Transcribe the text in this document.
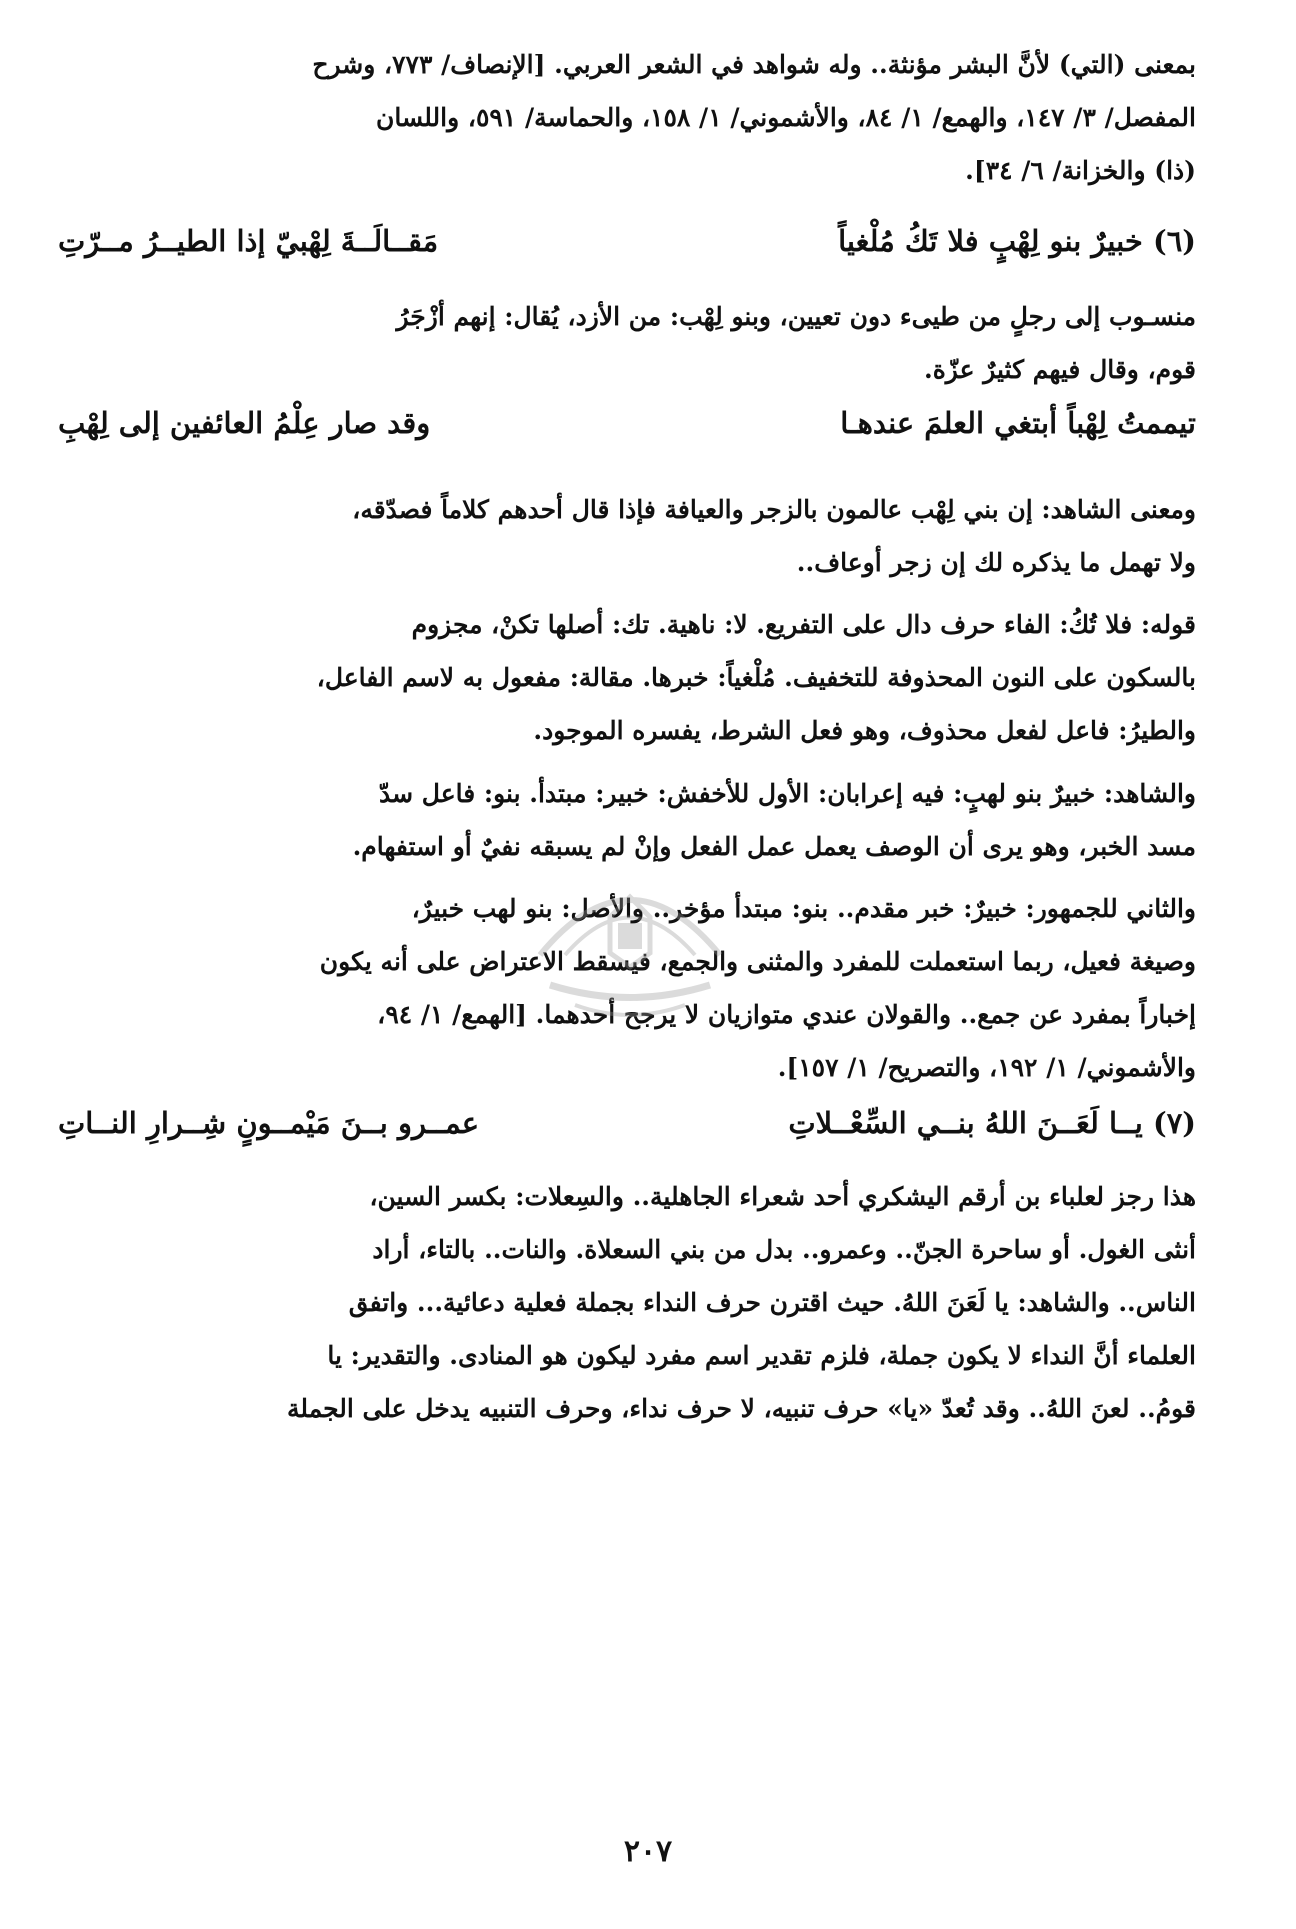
بمعنى (التي) لأنَّ البشر مؤنثة.. وله شواهد في الشعر العربي. [الإنصاف/ ٧٧٣، وشرح
المفصل/ ٣/ ١٤٧، والهمع/ ١/ ٨٤، والأشموني/ ١/ ١٥٨، والحماسة/ ٥٩١، واللسان
(ذا) والخزانة/ ٦/ ٣٤].
(٦) خبيرٌ بنو لِهْبٍ فلا تَكُ مُلْغياً
مَقــالَــةَ لِهْبيّ إذا الطيــرُ مــرّتِ
منسـوب إلى رجلٍ من طيىء دون تعيين، وبنو لِهْب: من الأزد، يُقال: إنهم أزْجَرُ
قوم، وقال فيهم كثيرٌ عزّة.
تيممتُ لِهْباً أبتغي العلمَ عندهـا
وقد صار عِلْمُ العائفين إلى لِهْبِ
ومعنى الشاهد: إن بني لِهْب عالمون بالزجر والعيافة فإذا قال أحدهم كلاماً فصدّقه،
ولا تهمل ما يذكره لك إن زجر أوعاف..
قوله: فلا تُكُ: الفاء حرف دال على التفريع. لا: ناهية. تك: أصلها تكنْ، مجزوم
بالسكون على النون المحذوفة للتخفيف. مُلْغياً: خبرها. مقالة: مفعول به لاسم الفاعل،
والطيرُ: فاعل لفعل محذوف، وهو فعل الشرط، يفسره الموجود.
والشاهد: خبيرٌ بنو لهبٍ: فيه إعرابان: الأول للأخفش: خبير: مبتدأ. بنو: فاعل سدّ
مسد الخبر، وهو يرى أن الوصف يعمل عمل الفعل وإنْ لم يسبقه نفيٌ أو استفهام.
والثاني للجمهور: خبيرٌ: خبر مقدم.. بنو: مبتدأ مؤخر.. والأصل: بنو لهب خبيرٌ،
وصيغة فعيل، ربما استعملت للمفرد والمثنى والجمع، فيسقط الاعتراض على أنه يكون
إخباراً بمفرد عن جمع.. والقولان عندي متوازيان لا يرجح أحدهما. [الهمع/ ١/ ٩٤،
والأشموني/ ١/ ١٩٢، والتصريح/ ١/ ١٥٧].
(٧) يــا لَعَــنَ اللهُ بنــي السِّعْــلاتِ
عمــرو بــنَ مَيْمــونٍ شِــرارِ النــاتِ
هذا رجز لعلباء بن أرقم اليشكري أحد شعراء الجاهلية.. والسِعلات: بكسر السين،
أنثى الغول. أو ساحرة الجنّ.. وعمرو.. بدل من بني السعلاة. والنات.. بالتاء، أراد
الناس.. والشاهد: يا لَعَنَ اللهُ. حيث اقترن حرف النداء بجملة فعلية دعائية... واتفق
العلماء أنَّ النداء لا يكون جملة، فلزم تقدير اسم مفرد ليكون هو المنادى. والتقدير: يا
قومُ.. لعنَ اللهُ.. وقد تُعدّ «يا» حرف تنبيه، لا حرف نداء، وحرف التنبيه يدخل على الجملة
٢٠٧
